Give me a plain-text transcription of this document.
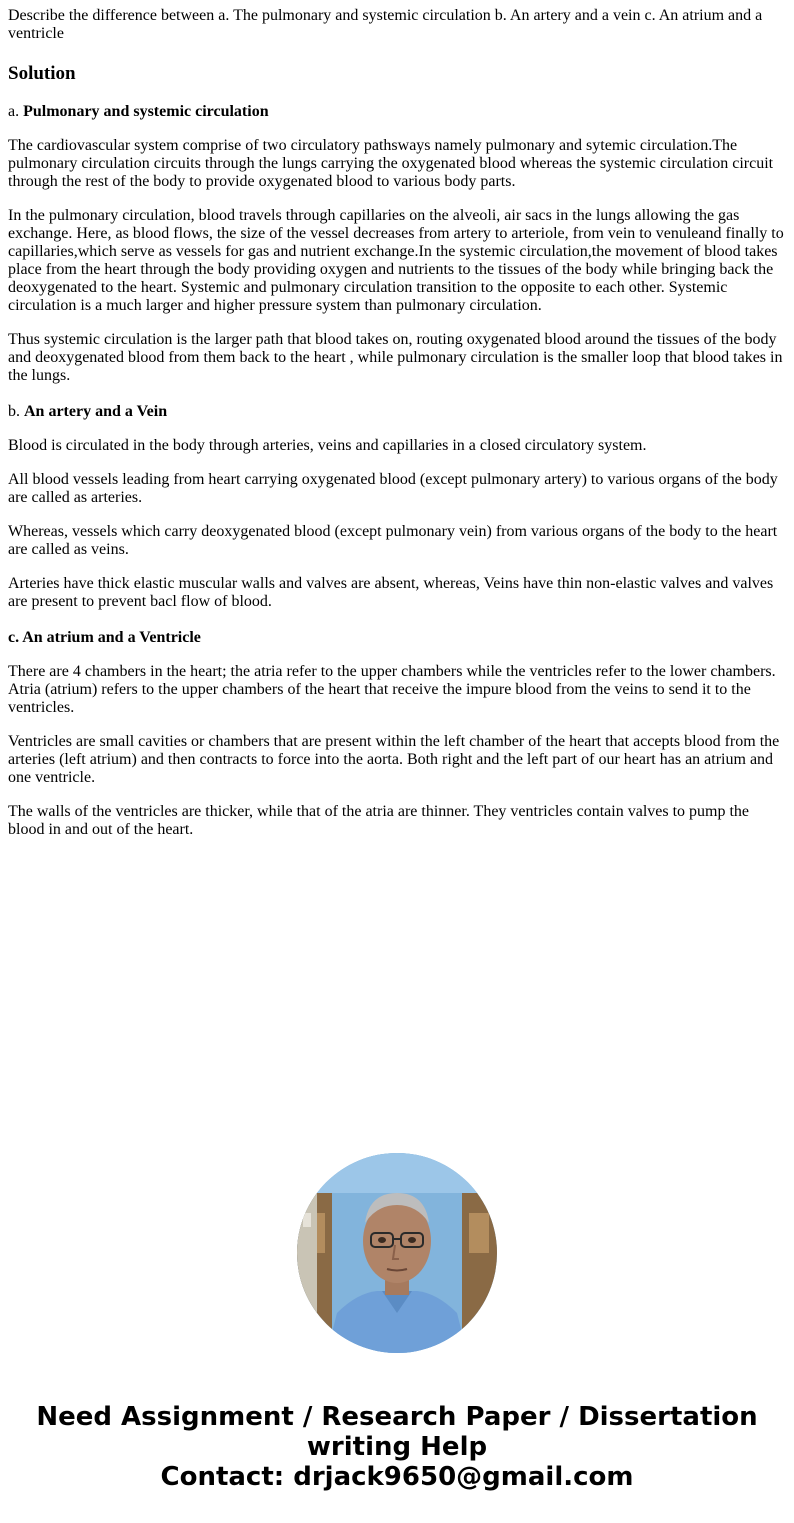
Describe the difference between a. The pulmonary and systemic circulation b. An artery and a vein c. An atrium and a ventricle

Solution

a. Pulmonary and systemic circulation

The cardiovascular system comprise of two circulatory pathsways namely pulmonary and sytemic circulation.The pulmonary circulation circuits through the lungs carrying the oxygenated blood whereas the systemic circulation circuit through the rest of the body to provide oxygenated blood to various body parts.

In the pulmonary circulation, blood travels through capillaries on the alveoli, air sacs in the lungs allowing the gas exchange. Here, as blood flows, the size of the vessel decreases from artery to arteriole, from vein to venuleand finally to capillaries,which serve as vessels for gas and nutrient exchange.In the systemic circulation,the movement of blood takes place from the heart through the body providing oxygen and nutrients to the tissues of the body while bringing back the deoxygenated to the heart. Systemic and pulmonary circulation transition to the opposite to each other. Systemic circulation is a much larger and higher pressure system than pulmonary circulation.

Thus systemic circulation is the larger path that blood takes on, routing oxygenated blood around the tissues of the body and deoxygenated blood from them back to the heart , while pulmonary circulation is the smaller loop that blood takes in the lungs.

b. An artery and a Vein

Blood is circulated in the body through arteries, veins and capillaries in a closed circulatory system.

All blood vessels leading from heart carrying oxygenated blood (except pulmonary artery) to various organs of the body are called as arteries.

Whereas, vessels which carry deoxygenated blood (except pulmonary vein) from various organs of the body to the heart are called as veins.

Arteries have thick elastic muscular walls and valves are absent, whereas, Veins have thin non-elastic valves and valves are present to prevent bacl flow of blood.

c. An atrium and a Ventricle

There are 4 chambers in the heart; the atria refer to the upper chambers while the ventricles refer to the lower chambers. Atria (atrium) refers to the upper chambers of the heart that receive the impure blood from the veins to send it to the ventricles.

Ventricles are small cavities or chambers that are present within the left chamber of the heart that accepts blood from the arteries (left atrium) and then contracts to force into the aorta. Both right and the left part of our heart has an atrium and one ventricle.

The walls of the ventricles are thicker, while that of the atria are thinner. They ventricles contain valves to pump the blood in and out of the heart.

Need Assignment / Research Paper / Dissertation
writing Help
Contact: drjack9650@gmail.com
